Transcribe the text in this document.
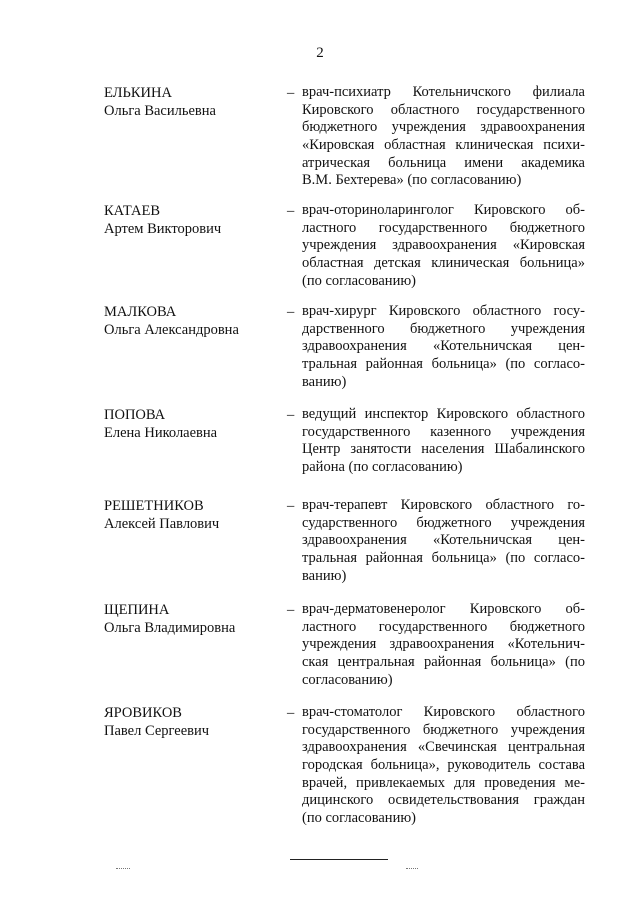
2
ЕЛЬКИНА
Ольга Васильевна
– врач-психиатр Котельничского филиала
Кировского областного государственного
бюджетного учреждения здравоохранения
«Кировская областная клиническая психи-
атрическая больница имени академика
В.М. Бехтерева» (по согласованию)
КАТАЕВ
Артем Викторович
– врач-оториноларинголог Кировского об-
ластного государственного бюджетного
учреждения здравоохранения «Кировская
областная детская клиническая больница»
(по согласованию)
МАЛКОВА
Ольга Александровна
– врач-хирург Кировского областного госу-
дарственного бюджетного учреждения
здравоохранения «Котельничская цен-
тральная районная больница» (по согласо-
ванию)
ПОПОВА
Елена Николаевна
– ведущий инспектор Кировского областного
государственного казенного учреждения
Центр занятости населения Шабалинского
района (по согласованию)
РЕШЕТНИКОВ
Алексей Павлович
– врач-терапевт Кировского областного го-
сударственного бюджетного учреждения
здравоохранения «Котельничская цен-
тральная районная больница» (по согласо-
ванию)
ЩЕПИНА
Ольга Владимировна
– врач-дерматовенеролог Кировского об-
ластного государственного бюджетного
учреждения здравоохранения «Котельнич-
ская центральная районная больница» (по
согласованию)
ЯРОВИКОВ
Павел Сергеевич
– врач-стоматолог Кировского областного
государственного бюджетного учреждения
здравоохранения «Свечинская центральная
городская больница», руководитель состава
врачей, привлекаемых для проведения ме-
дицинского освидетельствования граждан
(по согласованию)
